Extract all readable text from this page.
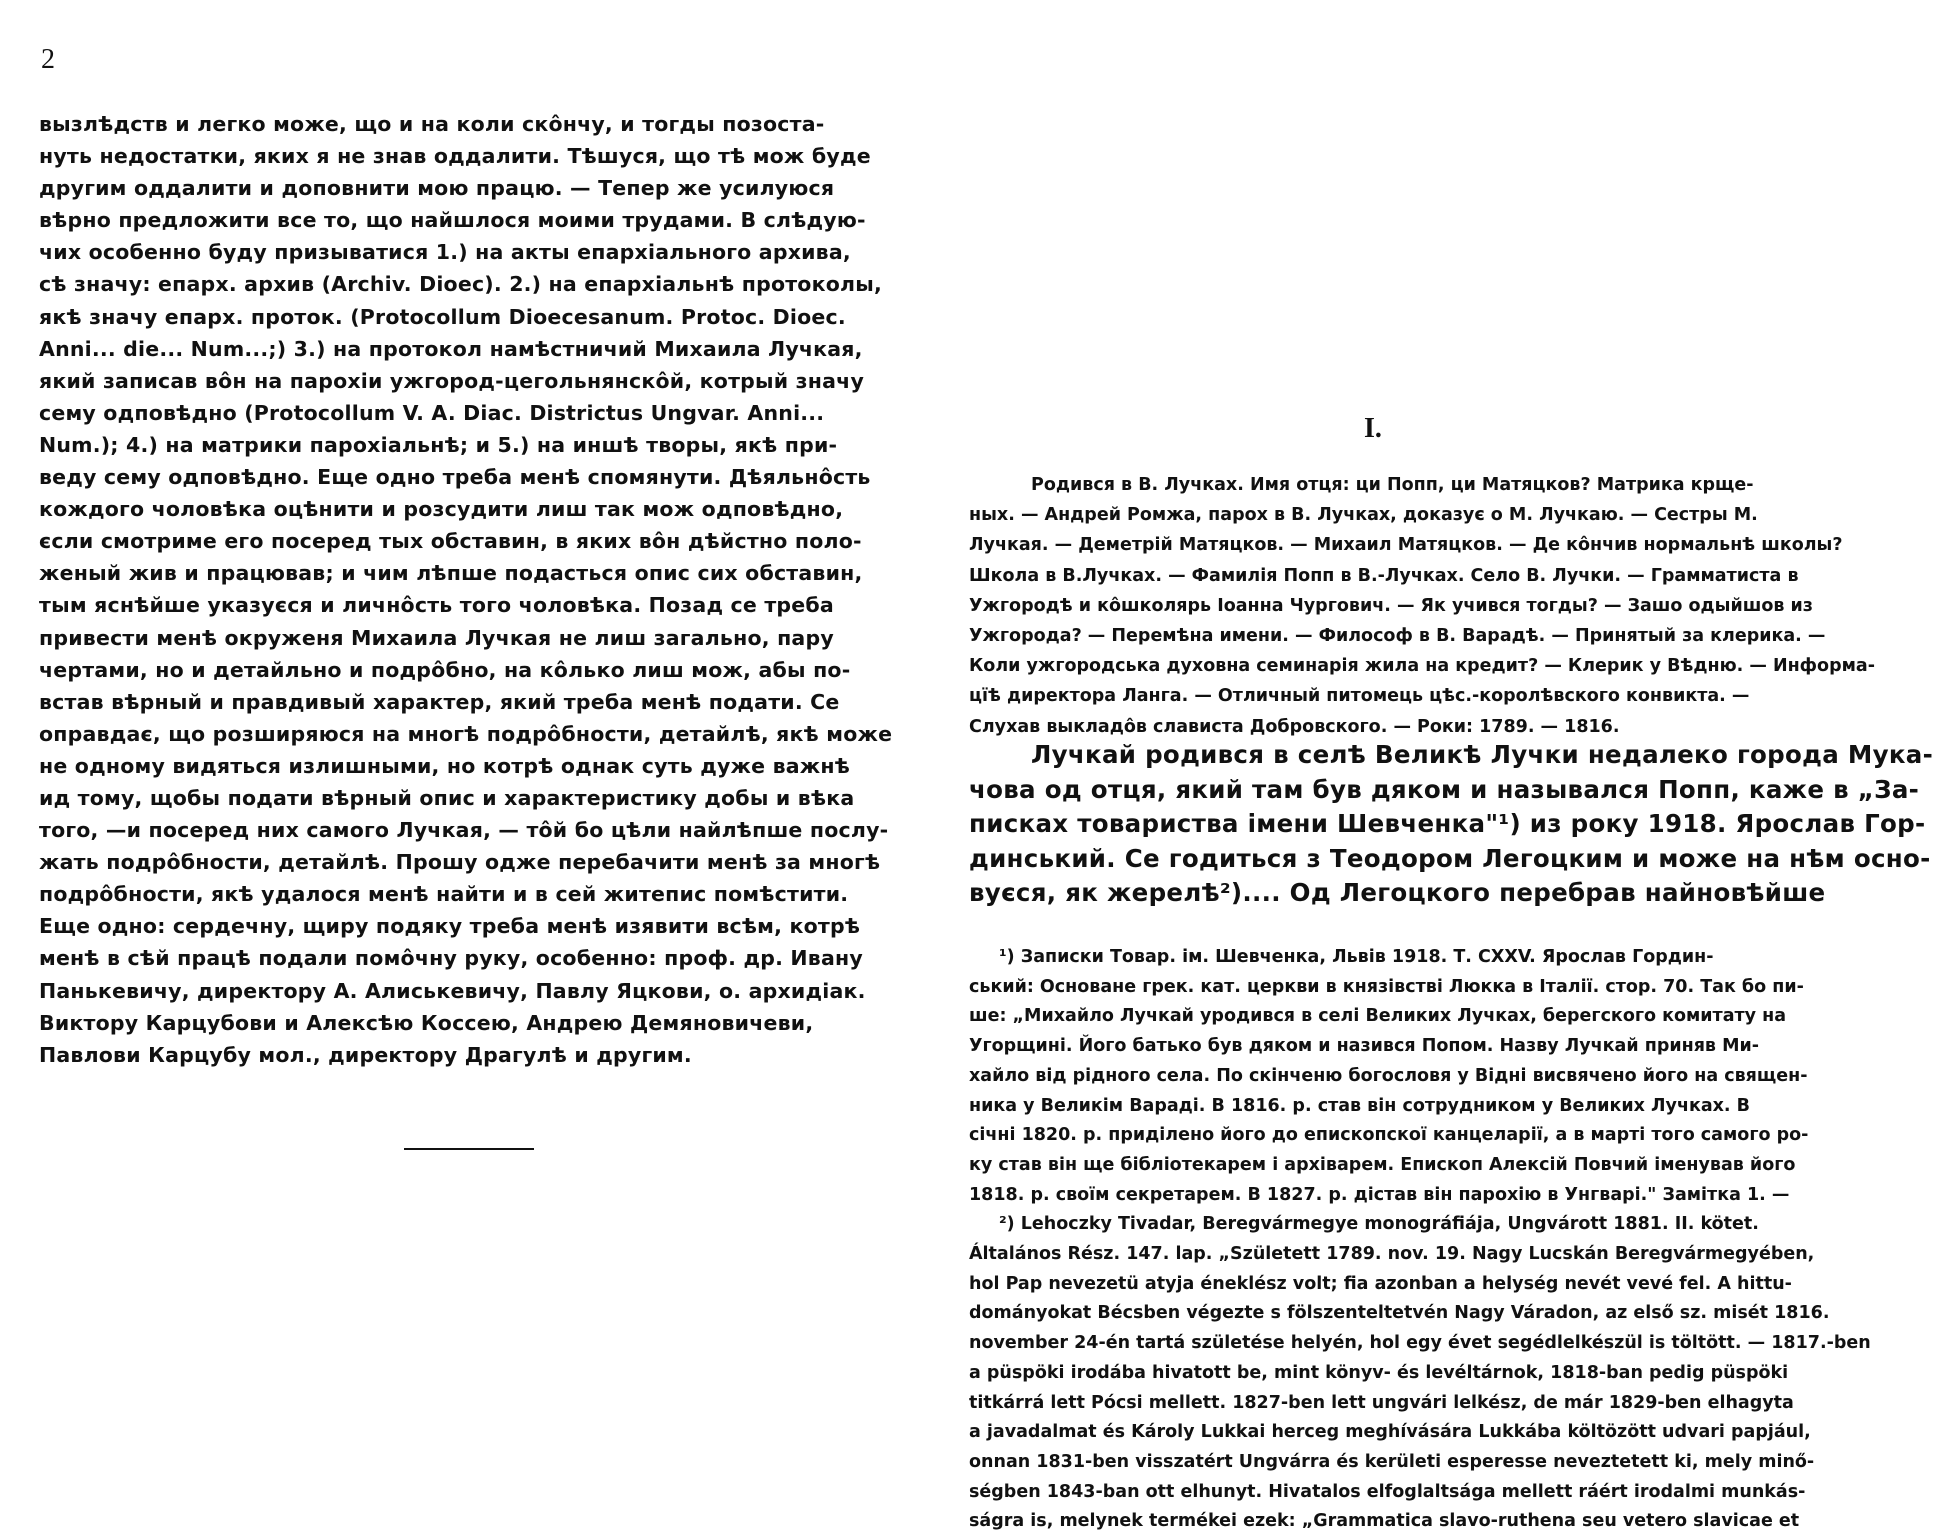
2
вызлѣдств и легко може, що и на коли скôнчу, и тогды позоста-
нуть недостатки, яких я не знав оддалити. Тѣшуся, що тѣ мож буде
другим оддалити и доповнити мою працю. — Тепер же усилуюся
вѣрно предложити все то, що найшлося моими трудами. В слѣдую-
чих особенно буду призыватися 1.) на акты епархіального архива,
сѣ значу: епарх. архив (Archiv. Dioec). 2.) на епархіальнѣ протоколы,
якѣ значу епарх. проток. (Protocollum Dioecesanum. Protoc. Dioec.
Anni... die... Num...;) 3.) на протокол намѣстничий Михаила Лучкая,
який записав вôн на парохіи ужгород-цегольнянскôй, котрый значу
сему одповѣдно (Protocollum V. A. Diac. Districtus Ungvar. Anni...
Num.); 4.) на матрики парохіальнѣ; и 5.) на иншѣ творы, якѣ при-
веду сему одповѣдно. Еще одно треба менѣ спомянути. Дѣяльнôсть
кождого чоловѣка оцѣнити и розсудити лиш так мож одповѣдно,
єсли смотриме его посеред тых обставин, в яких вôн дѣйстно поло-
женый жив и працював; и чим лѣпше подасться опис сих обставин,
тым яснѣйше указуєся и личнôсть того чоловѣка. Позад се треба
привести менѣ окруженя Михаила Лучкая не лиш загально, пару
чертами, но и детайльно и подрôбно, на кôлько лиш мож, абы по-
встав вѣрный и правдивый характер, який треба менѣ подати. Се
оправдає, що розширяюся на многѣ подрôбности, детайлѣ, якѣ може
не одному видяться излишными, но котрѣ однак суть дуже важнѣ
ид тому, щобы подати вѣрный опис и характеристику добы и вѣка
того, —и посеред них самого Лучкая, — тôй бо цѣли найлѣпше послу-
жать подрôбности, детайлѣ. Прошу одже перебачити менѣ за многѣ
подрôбности, якѣ удалося менѣ найти и в сей житепис помѣстити.
Еще одно: сердечну, щиру подяку треба менѣ изявити всѣм, котрѣ
менѣ в сѣй працѣ подали помôчну руку, особенно: проф. др. Ивану
Панькевичу, директору А. Алиськевичу, Павлу Яцкови, о. архидіак.
Виктору Карцубови и Алексѣю Коссею, Андрею Демяновичеви,
Павлови Карцубу мол., директору Драгулѣ и другим.
I.
Родився в В. Лучках. Имя отця: ци Попп, ци Матяцков? Матрика крще-
ных. — Андрей Ромжа, парох в В. Лучках, доказує о М. Лучкаю. — Сестры М.
Лучкая. — Деметрій Матяцков. — Михаил Матяцков. — Де кôнчив нормальнѣ школы?
Школа в В.Лучках. — Фамилія Попп в В.-Лучках. Село В. Лучки. — Грамматиста в
Ужгородѣ и кôшколярь Іоанна Чургович. — Як учився тогды? — Зашо одыйшов из
Ужгорода? — Перемѣна имени. — Философ в В. Варадѣ. — Принятый за клерика. —
Коли ужгородська духовна семинарія жила на кредит? — Клерик у Вѣдню. — Информа-
цïѣ директора Ланга. — Отличный питомець цѣс.-королѣвского конвикта. —
Слухав выкладôв слависта Добровского. — Роки: 1789. — 1816.
Лучкай родився в селѣ Великѣ Лучки недалеко города Мука-
чова од отця, який там був дяком и назывался Попп, каже в „За-
писках товариства імени Шевченка"¹) из року 1918. Ярослав Гор-
динський. Се годиться з Теодором Легоцким и може на нѣм осно-
вуєся, як жерелѣ²).... Од Легоцкого перебрав найновѣйше
¹) Записки Товар. ім. Шевченка, Львів 1918. Т. CXXV. Ярослав Гордин-
ський: Основане грек. кат. церкви в князівстві Люкка в Італії. стор. 70. Так бо пи-
ше: „Михайло Лучкай уродився в селі Великих Лучках, берегского комитату на
Угорщині. Його батько був дяком и назився Попом. Назву Лучкай приняв Ми-
хайло від рідного села. По скінченю богословя у Відні висвячено його на священ-
ника у Великім Вараді. В 1816. р. став він сотрудником у Великих Лучках. В
січні 1820. р. приділено його до епископскої канцеларії, а в марті того самого ро-
ку став він ще бібліотекарем і архіварем. Епископ Алексій Повчий іменував його
1818. р. своїм секретарем. В 1827. р. дістав він парохію в Унгварі." Замітка 1. —
²) Lehoczky Tivadar, Beregvármegye monográfiája, Ungvárott 1881. II. kötet.
Általános Rész. 147. lap. „Született 1789. nov. 19. Nagy Lucskán Beregvármegyében,
hol Pap nevezetü atyja éneklész volt; fia azonban a helység nevét vevé fel. A hittu-
dományokat Bécsben végezte s fölszenteltetvén Nagy Váradon, az első sz. misét 1816.
november 24-én tartá születése helyén, hol egy évet segédlelkészül is töltött. — 1817.-ben
a püspöki irodába hivatott be, mint könyv- és levéltárnok, 1818-ban pedig püspöki
titkárrá lett Pócsi mellett. 1827-ben lett ungvári lelkész, de már 1829-ben elhagyta
a javadalmat és Károly Lukkai herceg meghívására Lukkába költözött udvari papjául,
onnan 1831-ben visszatért Ungvárra és kerületi esperesse neveztetett ki, mely minő-
ségben 1843-ban ott elhunyt. Hivatalos elfoglaltsága mellett ráért irodalmi munkás-
ságra is, melynek termékei ezek: „Grammatica slavo-ruthena seu vetero slavicae et
